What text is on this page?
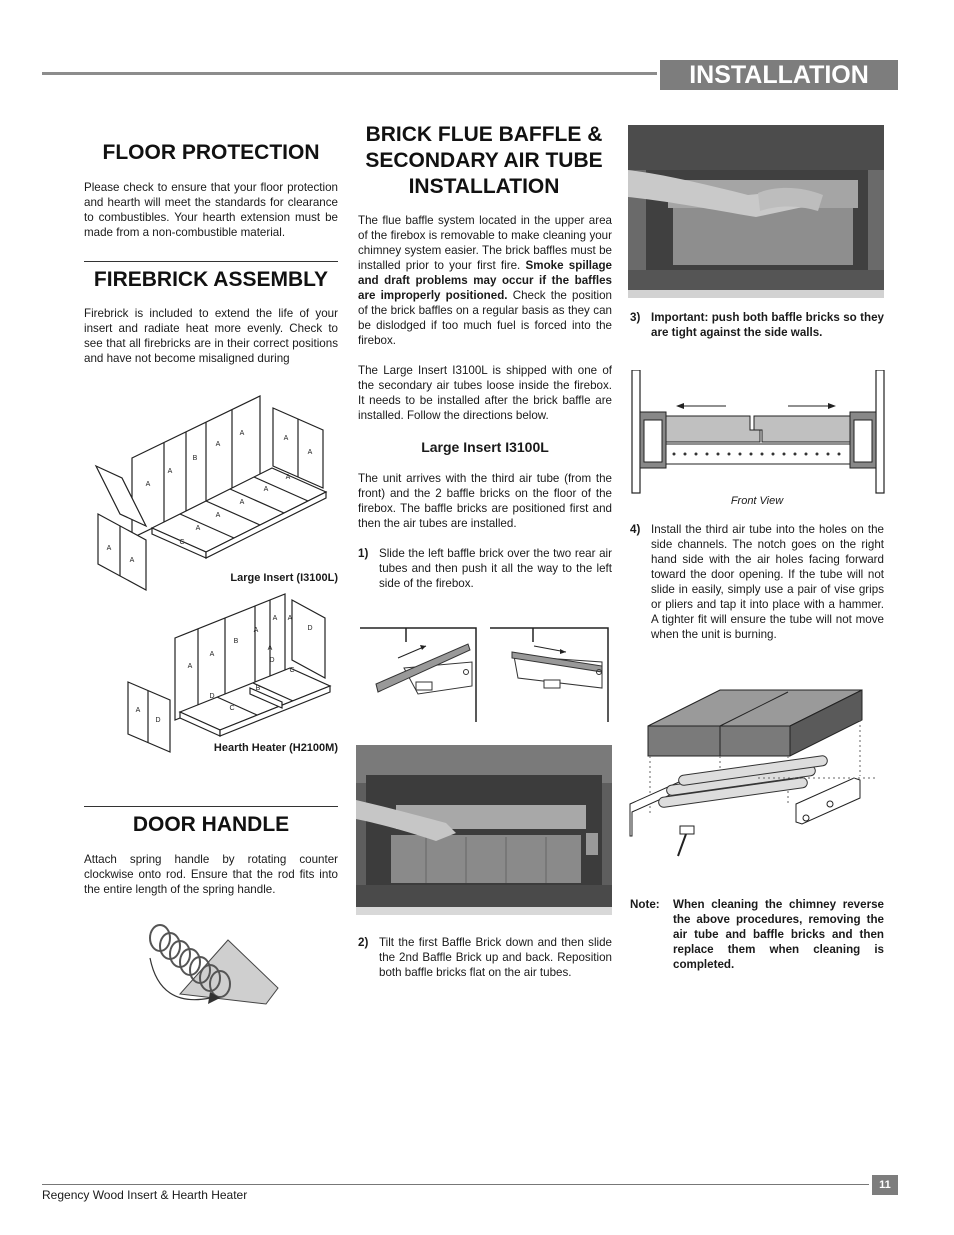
INSTALLATION
FLOOR PROTECTION
Please check to ensure that your floor protection and hearth will meet the standards for clearance to combustibles. Your hearth extension must be made from a non-combustible material.
FIREBRICK ASSEMBLY
Firebrick is included to extend the life of your insert and radiate heat more evenly. Check to see that all firebricks are in their correct positions and have not become misaligned during
A
A
B
A
A
A
A
A
A
A
A
A
C
A
A
Large Insert (I3100L)
A
A
B
A
A
D
A
A
D
C
B
D
C
A
D
Hearth Heater (H2100M)
DOOR HANDLE
Attach spring handle by rotating counter clockwise onto rod. Ensure that the rod fits into the entire length of the spring handle.
BRICK FLUE BAFFLE &
SECONDARY AIR TUBE
INSTALLATION
The flue baffle system located in the upper area of the firebox is removable to make cleaning your chimney system easier. The brick baffles must be installed prior to your first fire. Smoke spillage and draft problems may occur if the baffles are improperly positioned. Check the position of the brick baffles on a regular basis as they can be dislodged if too much fuel is forced into the firebox.
The Large Insert I3100L is shipped with one of the secondary air tubes loose inside the firebox. It needs to be installed after the brick baffle are installed. Follow the directions below.
Large Insert I3100L
The unit arrives with the third air tube (from the front) and the 2 baffle bricks on the floor of the firebox. The baffle bricks are positioned first and then the air tubes are installed.
1) Slide the left baffle brick over the two rear air tubes and then push it all the way to the left side of the firebox.
2) Tilt the first Baffle Brick down and then slide the 2nd Baffle Brick up and back. Reposition both baffle bricks flat on the air tubes.
3) Important: push both baffle bricks so they are tight against the side walls.
Front View
4) Install the third air tube into the holes on the side channels. The notch goes on the right hand side with the air holes facing forward toward the door opening. If the tube will not slide in easily, simply use a pair of vise grips or pliers and tap it into place with a hammer. A tighter fit will ensure the tube will not move when the unit is burning.
Note:	When cleaning the chimney reverse the above procedures, removing the air tube and baffle bricks and then replace them when cleaning is completed.
11
Regency Wood Insert & Hearth Heater
